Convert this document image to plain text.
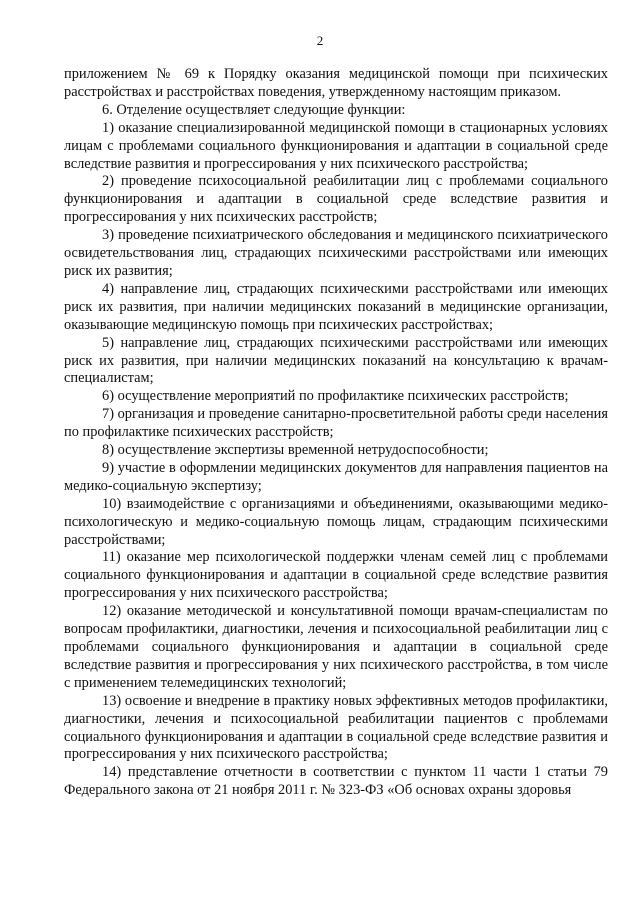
2

приложением № 69 к Порядку оказания медицинской помощи при психических расстройствах и расстройствах поведения, утвержденному настоящим приказом.

6. Отделение осуществляет следующие функции:

1) оказание специализированной медицинской помощи в стационарных условиях лицам с проблемами социального функционирования и адаптации в социальной среде вследствие развития и прогрессирования у них психического расстройства;

2) проведение психосоциальной реабилитации лиц с проблемами социального функционирования и адаптации в социальной среде вследствие развития и прогрессирования у них психических расстройств;

3) проведение психиатрического обследования и медицинского психиатрического освидетельствования лиц, страдающих психическими расстройствами или имеющих риск их развития;

4) направление лиц, страдающих психическими расстройствами или имеющих риск их развития, при наличии медицинских показаний в медицинские организации, оказывающие медицинскую помощь при психических расстройствах;

5) направление лиц, страдающих психическими расстройствами или имеющих риск их развития, при наличии медицинских показаний на консультацию к врачам-специалистам;

6) осуществление мероприятий по профилактике психических расстройств;

7) организация и проведение санитарно-просветительной работы среди населения по профилактике психических расстройств;

8) осуществление экспертизы временной нетрудоспособности;

9) участие в оформлении медицинских документов для направления пациентов на медико-социальную экспертизу;

10) взаимодействие с организациями и объединениями, оказывающими медико-психологическую и медико-социальную помощь лицам, страдающим психическими расстройствами;

11) оказание мер психологической поддержки членам семей лиц с проблемами социального функционирования и адаптации в социальной среде вследствие развития прогрессирования у них психического расстройства;

12) оказание методической и консультативной помощи врачам-специалистам по вопросам профилактики, диагностики, лечения и психосоциальной реабилитации лиц с проблемами социального функционирования и адаптации в социальной среде вследствие развития и прогрессирования у них психического расстройства, в том числе с применением телемедицинских технологий;

13) освоение и внедрение в практику новых эффективных методов профилактики, диагностики, лечения и психосоциальной реабилитации пациентов с проблемами социального функционирования и адаптации в социальной среде вследствие развития и прогрессирования у них психического расстройства;

14) представление отчетности в соответствии с пунктом 11 части 1 статьи 79 Федерального закона от 21 ноября 2011 г. № 323-ФЗ «Об основах охраны здоровья
